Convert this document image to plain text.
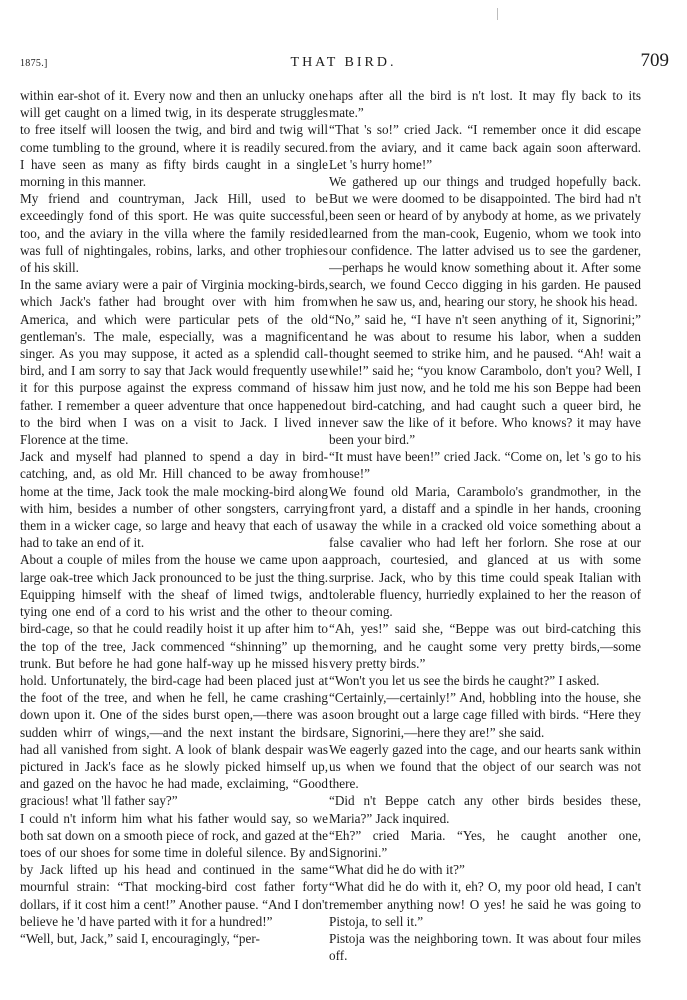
1875.]	THAT BIRD.	709

within ear-shot of it. Every now and then an unlucky one will get caught on a limed twig, in its desperate struggles to free itself will loosen the twig, and bird and twig will come tumbling to the ground, where it is readily secured. I have seen as many as fifty birds caught in a single morning in this manner.

My friend and countryman, Jack Hill, used to be exceedingly fond of this sport. He was quite successful, too, and the aviary in the villa where the family resided was full of nightingales, robins, larks, and other trophies of his skill.

In the same aviary were a pair of Virginia mocking-birds, which Jack's father had brought over with him from America, and which were particular pets of the old gentleman's. The male, especially, was a magnificent singer. As you may suppose, it acted as a splendid call-bird, and I am sorry to say that Jack would frequently use it for this purpose against the express command of his father. I remember a queer adventure that once happened to the bird when I was on a visit to Jack. I lived in Florence at the time.

Jack and myself had planned to spend a day in bird-catching, and, as old Mr. Hill chanced to be away from home at the time, Jack took the male mocking-bird along with him, besides a number of other songsters, carrying them in a wicker cage, so large and heavy that each of us had to take an end of it.

About a couple of miles from the house we came upon a large oak-tree which Jack pronounced to be just the thing. Equipping himself with the sheaf of limed twigs, and tying one end of a cord to his wrist and the other to the bird-cage, so that he could readily hoist it up after him to the top of the tree, Jack commenced “shinning” up the trunk. But before he had gone half-way up he missed his hold. Unfortunately, the bird-cage had been placed just at the foot of the tree, and when he fell, he came crashing down upon it. One of the sides burst open,—there was a sudden whirr of wings,—and the next instant the birds had all vanished from sight. A look of blank despair was pictured in Jack's face as he slowly picked himself up, and gazed on the havoc he had made, exclaiming, “Good gracious! what 'll father say?”

I could n't inform him what his father would say, so we both sat down on a smooth piece of rock, and gazed at the toes of our shoes for some time in doleful silence. By and by Jack lifted up his head and continued in the same mournful strain: “That mocking-bird cost father forty dollars, if it cost him a cent!” Another pause. “And I don't believe he 'd have parted with it for a hundred!”

“Well, but, Jack,” said I, encouragingly, “per-

haps after all the bird is n't lost. It may fly back to its mate.”

“That 's so!” cried Jack. “I remember once it did escape from the aviary, and it came back again soon afterward. Let 's hurry home!”

We gathered up our things and trudged hopefully back. But we were doomed to be disappointed. The bird had n't been seen or heard of by anybody at home, as we privately learned from the man-cook, Eugenio, whom we took into our confidence. The latter advised us to see the gardener,—perhaps he would know something about it. After some search, we found Cecco digging in his garden. He paused when he saw us, and, hearing our story, he shook his head.

“No,” said he, “I have n't seen anything of it, Signorini;” and he was about to resume his labor, when a sudden thought seemed to strike him, and he paused. “Ah! wait a while!” said he; “you know Carambolo, don't you? Well, I saw him just now, and he told me his son Beppe had been out bird-catching, and had caught such a queer bird, he never saw the like of it before. Who knows? it may have been your bird.”

“It must have been!” cried Jack. “Come on, let 's go to his house!”

We found old Maria, Carambolo's grandmother, in the front yard, a distaff and a spindle in her hands, crooning away the while in a cracked old voice something about a false cavalier who had left her forlorn. She rose at our approach, courtesied, and glanced at us with some surprise. Jack, who by this time could speak Italian with tolerable fluency, hurriedly explained to her the reason of our coming.

“Ah, yes!” said she, “Beppe was out bird-catching this morning, and he caught some very pretty birds,—some very pretty birds.”

“Won't you let us see the birds he caught?” I asked.

“Certainly,—certainly!” And, hobbling into the house, she soon brought out a large cage filled with birds. “Here they are, Signorini,—here they are!” she said.

We eagerly gazed into the cage, and our hearts sank within us when we found that the object of our search was not there.

“Did n't Beppe catch any other birds besides these, Maria?” Jack inquired.

“Eh?” cried Maria. “Yes, he caught another one, Signorini.”

“What did he do with it?”

“What did he do with it, eh? O, my poor old head, I can't remember anything now! O yes! he said he was going to Pistoja, to sell it.”

Pistoja was the neighboring town. It was about four miles off.
